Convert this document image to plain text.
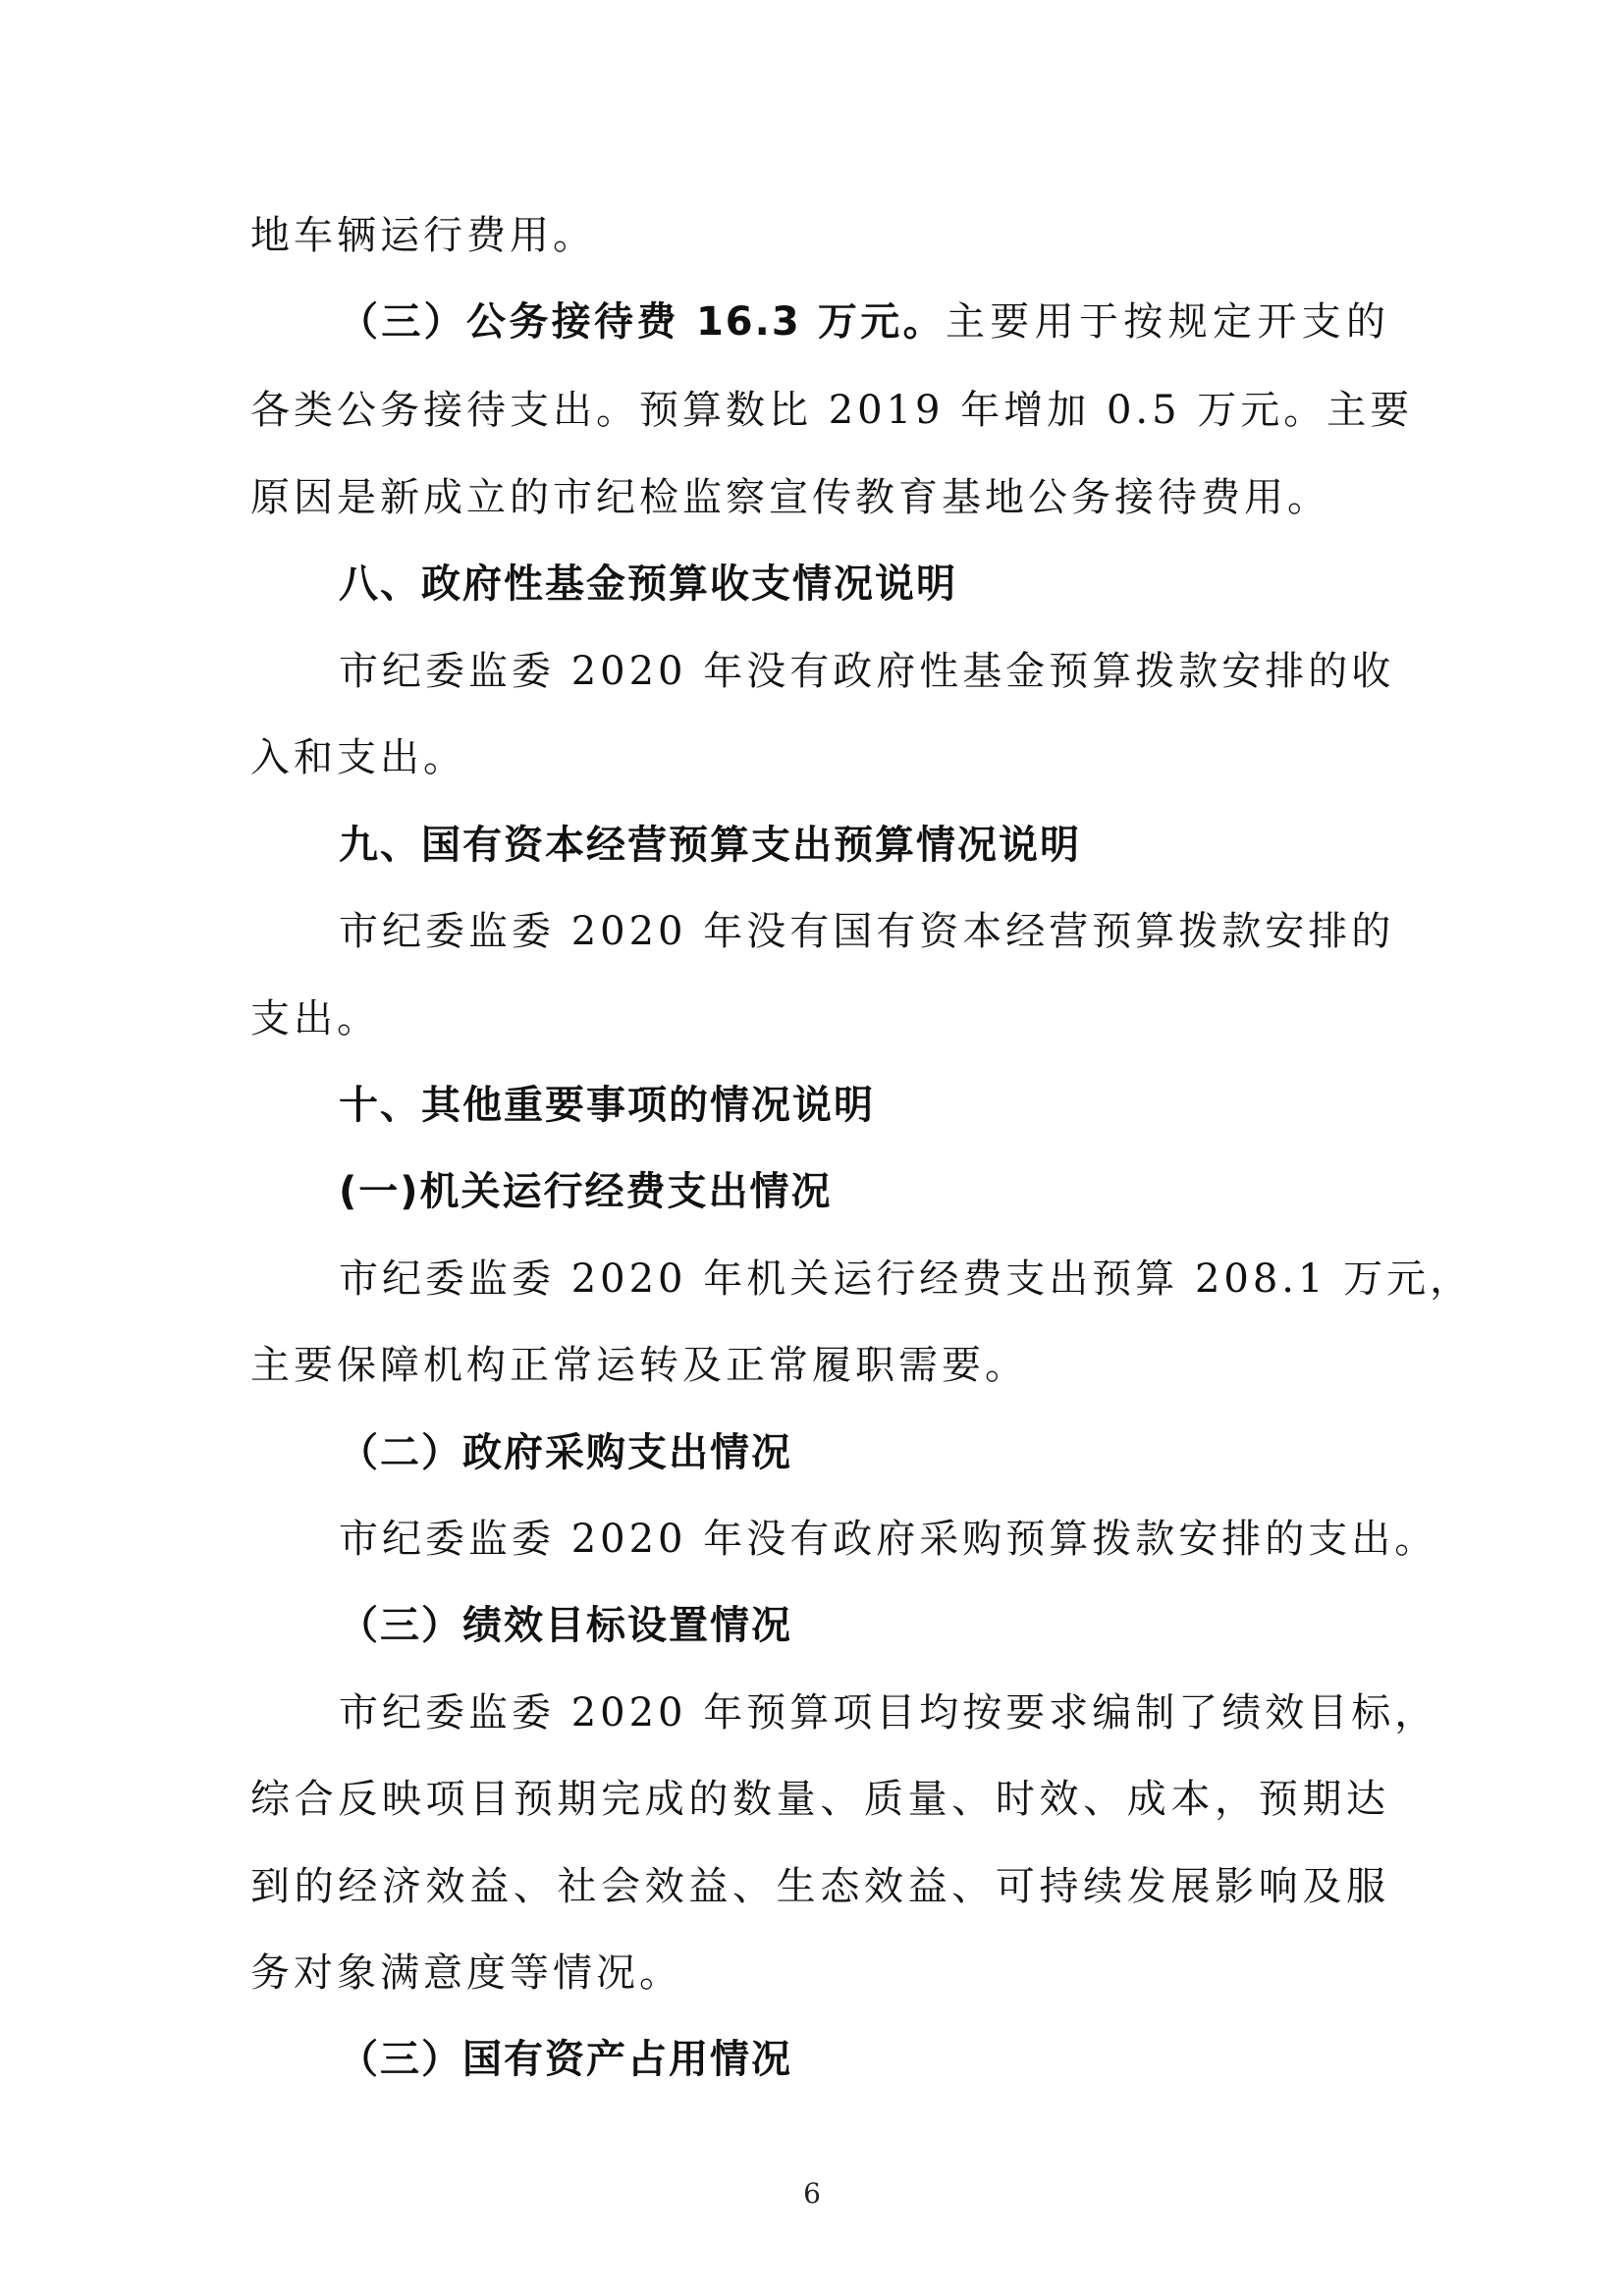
地车辆运行费用。
（三）公务接待费 16.3 万元。主要用于按规定开支的
各类公务接待支出。预算数比 2019 年增加 0.5 万元。主要
原因是新成立的市纪检监察宣传教育基地公务接待费用。
八、政府性基金预算收支情况说明
市纪委监委 2020 年没有政府性基金预算拨款安排的收
入和支出。
九、国有资本经营预算支出预算情况说明
市纪委监委 2020 年没有国有资本经营预算拨款安排的
支出。
十、其他重要事项的情况说明
(一)机关运行经费支出情况
市纪委监委 2020 年机关运行经费支出预算 208.1 万元，
主要保障机构正常运转及正常履职需要。
（二）政府采购支出情况
市纪委监委 2020 年没有政府采购预算拨款安排的支出。
（三）绩效目标设置情况
市纪委监委 2020 年预算项目均按要求编制了绩效目标，
综合反映项目预期完成的数量、质量、时效、成本，预期达
到的经济效益、社会效益、生态效益、可持续发展影响及服
务对象满意度等情况。
（三）国有资产占用情况
6
